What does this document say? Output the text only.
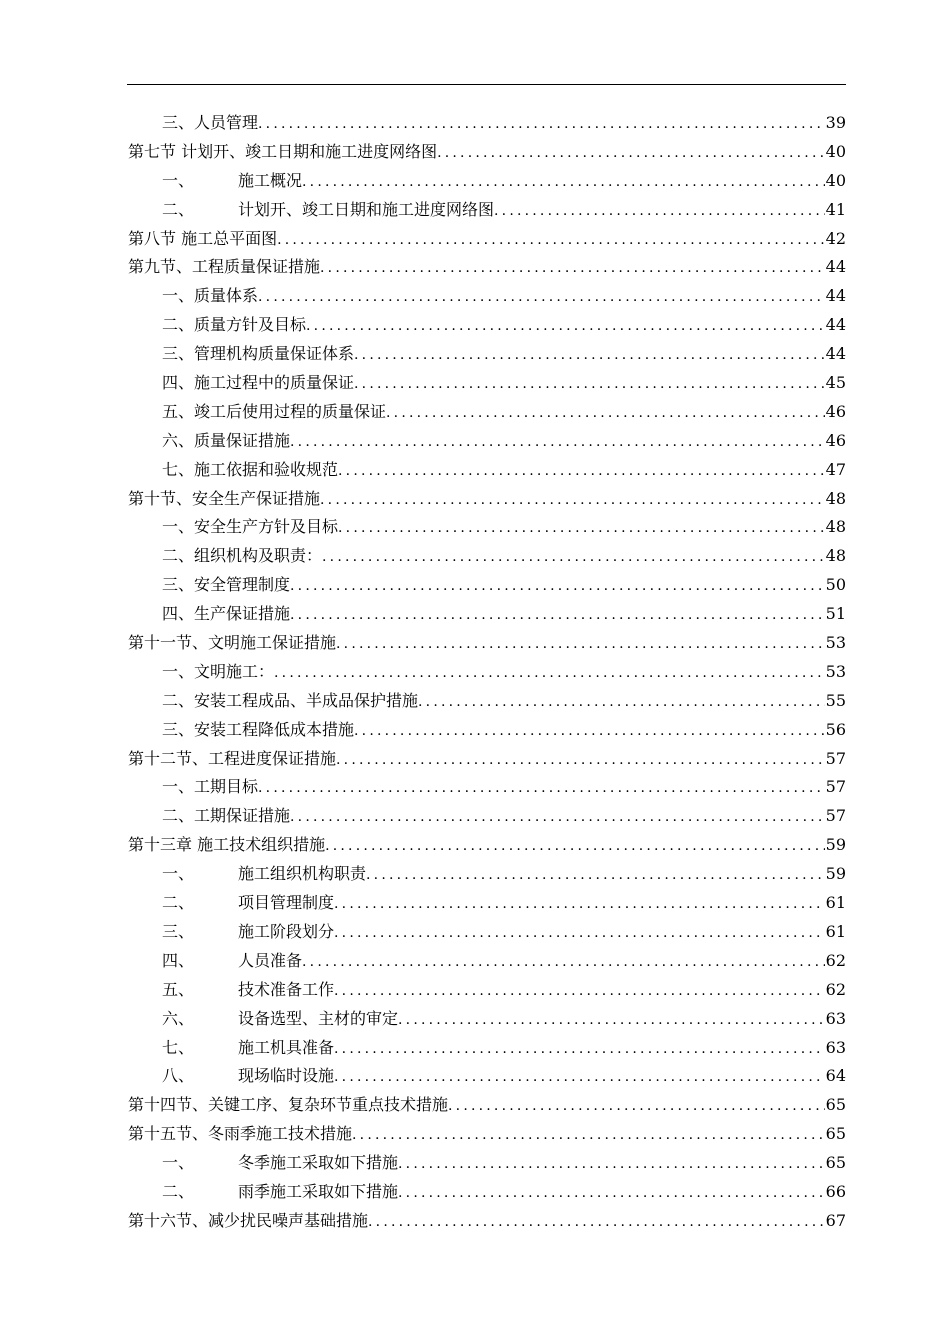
三、人员管理 .....	39
第七节 计划开、竣工日期和施工进度网络图 .....	40
一、	施工概况 .....	40
二、	计划开、竣工日期和施工进度网络图 .....	41
第八节 施工总平面图 .....	42
第九节、工程质量保证措施 .....	44
一、质量体系 .....	44
二、质量方针及目标 .....	44
三、管理机构质量保证体系 .....	44
四、施工过程中的质量保证 .....	45
五、竣工后使用过程的质量保证 .....	46
六、质量保证措施 .....	46
七、施工依据和验收规范 .....	47
第十节、安全生产保证措施 .....	48
一、安全生产方针及目标 .....	48
二、组织机构及职责： .....	48
三、安全管理制度 .....	50
四、生产保证措施 .....	51
第十一节、文明施工保证措施 .....	53
一、文明施工： .....	53
二、安装工程成品、半成品保护措施 .....	55
三、安装工程降低成本措施 .....	56
第十二节、工程进度保证措施 .....	57
一、工期目标 .....	57
二、工期保证措施 .....	57
第十三章 施工技术组织措施 .....	59
一、	施工组织机构职责 .....	59
二、	项目管理制度 .....	61
三、	施工阶段划分 .....	61
四、	人员准备 .....	62
五、	技术准备工作 .....	62
六、	设备选型、主材的审定 .....	63
七、	施工机具准备 .....	63
八、	现场临时设施 .....	64
第十四节、关键工序、复杂环节重点技术措施 .....	65
第十五节、冬雨季施工技术措施 .....	65
一、	冬季施工采取如下措施 .....	65
二、	雨季施工采取如下措施 .....	66
第十六节、减少扰民噪声基础措施 .....	67
